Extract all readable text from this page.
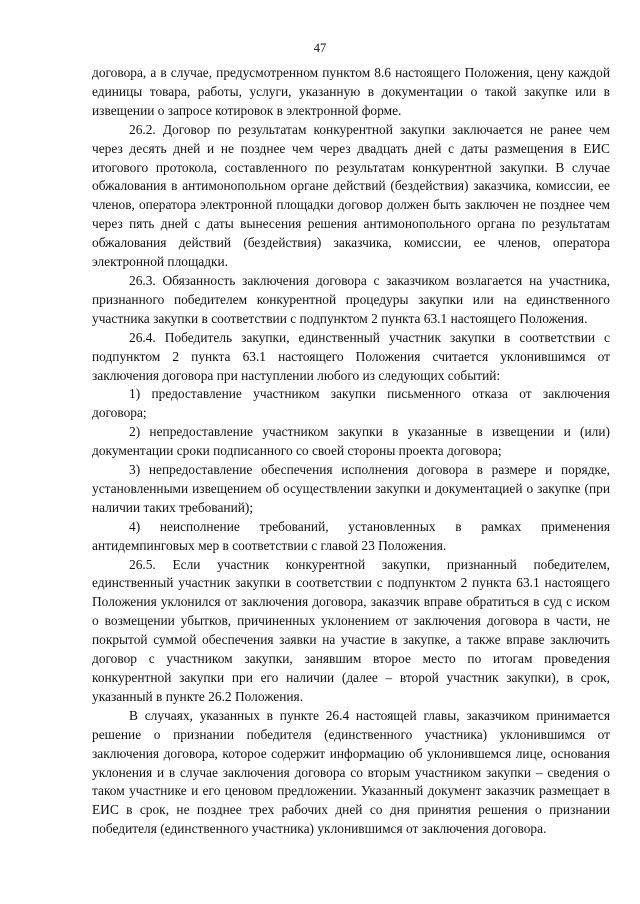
47

договора, а в случае, предусмотренном пунктом 8.6 настоящего Положения, цену каждой единицы товара, работы, услуги, указанную в документации о такой закупке или в извещении о запросе котировок в электронной форме.

26.2. Договор по результатам конкурентной закупки заключается не ранее чем через десять дней и не позднее чем через двадцать дней с даты размещения в ЕИС итогового протокола, составленного по результатам конкурентной закупки. В случае обжалования в антимонопольном органе действий (бездействия) заказчика, комиссии, ее членов, оператора электронной площадки договор должен быть заключен не позднее чем через пять дней с даты вынесения решения антимонопольного органа по результатам обжалования действий (бездействия) заказчика, комиссии, ее членов, оператора электронной площадки.

26.3. Обязанность заключения договора с заказчиком возлагается на участника, признанного победителем конкурентной процедуры закупки или на единственного участника закупки в соответствии с подпунктом 2 пункта 63.1 настоящего Положения.

26.4. Победитель закупки, единственный участник закупки в соответствии с подпунктом 2 пункта 63.1 настоящего Положения считается уклонившимся от заключения договора при наступлении любого из следующих событий:

1) предоставление участником закупки письменного отказа от заключения договора;

2) непредоставление участником закупки в указанные в извещении и (или) документации сроки подписанного со своей стороны проекта договора;

3) непредоставление обеспечения исполнения договора в размере и порядке, установленными извещением об осуществлении закупки и документацией о закупке (при наличии таких требований);

4) неисполнение требований, установленных в рамках применения антидемпинговых мер в соответствии с главой 23 Положения.

26.5. Если участник конкурентной закупки, признанный победителем, единственный участник закупки в соответствии с подпунктом 2 пункта 63.1 настоящего Положения уклонился от заключения договора, заказчик вправе обратиться в суд с иском о возмещении убытков, причиненных уклонением от заключения договора в части, не покрытой суммой обеспечения заявки на участие в закупке, а также вправе заключить договор с участником закупки, занявшим второе место по итогам проведения конкурентной закупки при его наличии (далее – второй участник закупки), в срок, указанный в пункте 26.2 Положения.

В случаях, указанных в пункте 26.4 настоящей главы, заказчиком принимается решение о признании победителя (единственного участника) уклонившимся от заключения договора, которое содержит информацию об уклонившемся лице, основания уклонения и в случае заключения договора со вторым участником закупки – сведения о таком участнике и его ценовом предложении. Указанный документ заказчик размещает в ЕИС в срок, не позднее трех рабочих дней со дня принятия решения о признании победителя (единственного участника) уклонившимся от заключения договора.
